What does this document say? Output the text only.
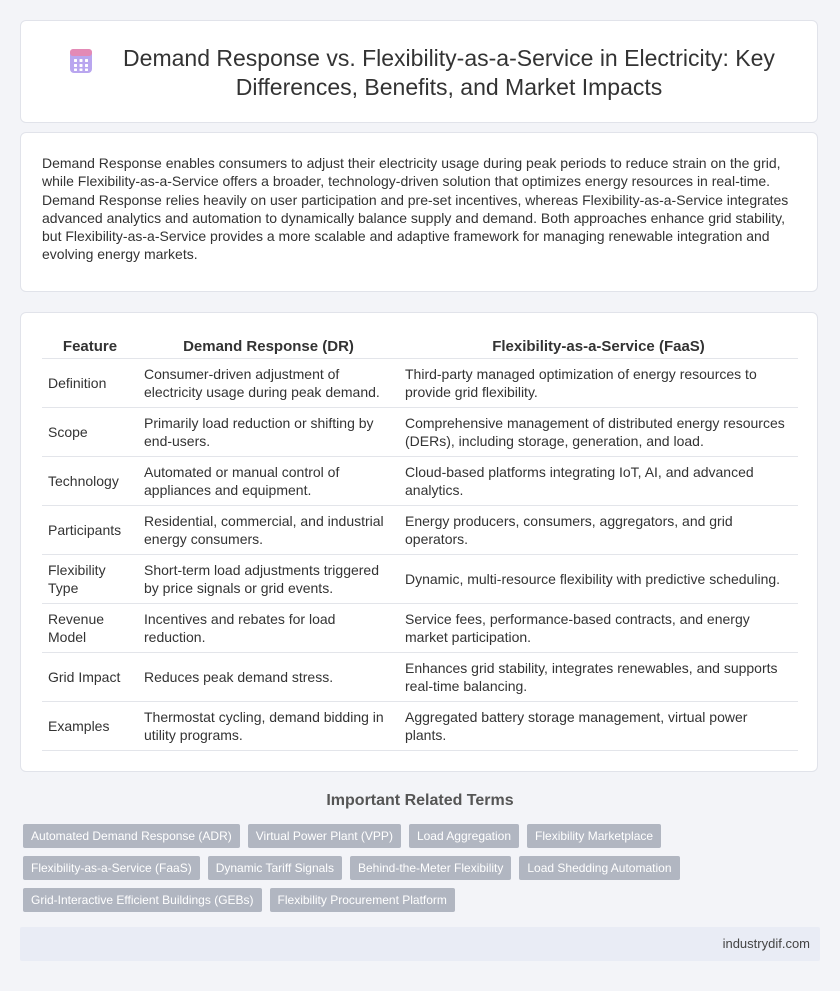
Demand Response vs. Flexibility-as-a-Service in Electricity: Key Differences, Benefits, and Market Impacts

Demand Response enables consumers to adjust their electricity usage during peak periods to reduce strain on the grid, while Flexibility-as-a-Service offers a broader, technology-driven solution that optimizes energy resources in real-time. Demand Response relies heavily on user participation and pre-set incentives, whereas Flexibility-as-a-Service integrates advanced analytics and automation to dynamically balance supply and demand. Both approaches enhance grid stability, but Flexibility-as-a-Service provides a more scalable and adaptive framework for managing renewable integration and evolving energy markets.

Feature	Demand Response (DR)	Flexibility-as-a-Service (FaaS)
Definition	Consumer-driven adjustment of electricity usage during peak demand.	Third-party managed optimization of energy resources to provide grid flexibility.
Scope	Primarily load reduction or shifting by end-users.	Comprehensive management of distributed energy resources (DERs), including storage, generation, and load.
Technology	Automated or manual control of appliances and equipment.	Cloud-based platforms integrating IoT, AI, and advanced analytics.
Participants	Residential, commercial, and industrial energy consumers.	Energy producers, consumers, aggregators, and grid operators.
Flexibility Type	Short-term load adjustments triggered by price signals or grid events.	Dynamic, multi-resource flexibility with predictive scheduling.
Revenue Model	Incentives and rebates for load reduction.	Service fees, performance-based contracts, and energy market participation.
Grid Impact	Reduces peak demand stress.	Enhances grid stability, integrates renewables, and supports real-time balancing.
Examples	Thermostat cycling, demand bidding in utility programs.	Aggregated battery storage management, virtual power plants.
Important Related Terms
Automated Demand Response (ADR)	Virtual Power Plant (VPP)	Load Aggregation	Flexibility Marketplace
Flexibility-as-a-Service (FaaS)	Dynamic Tariff Signals	Behind-the-Meter Flexibility	Load Shedding Automation
Grid-Interactive Efficient Buildings (GEBs)	Flexibility Procurement Platform
industrydif.com
